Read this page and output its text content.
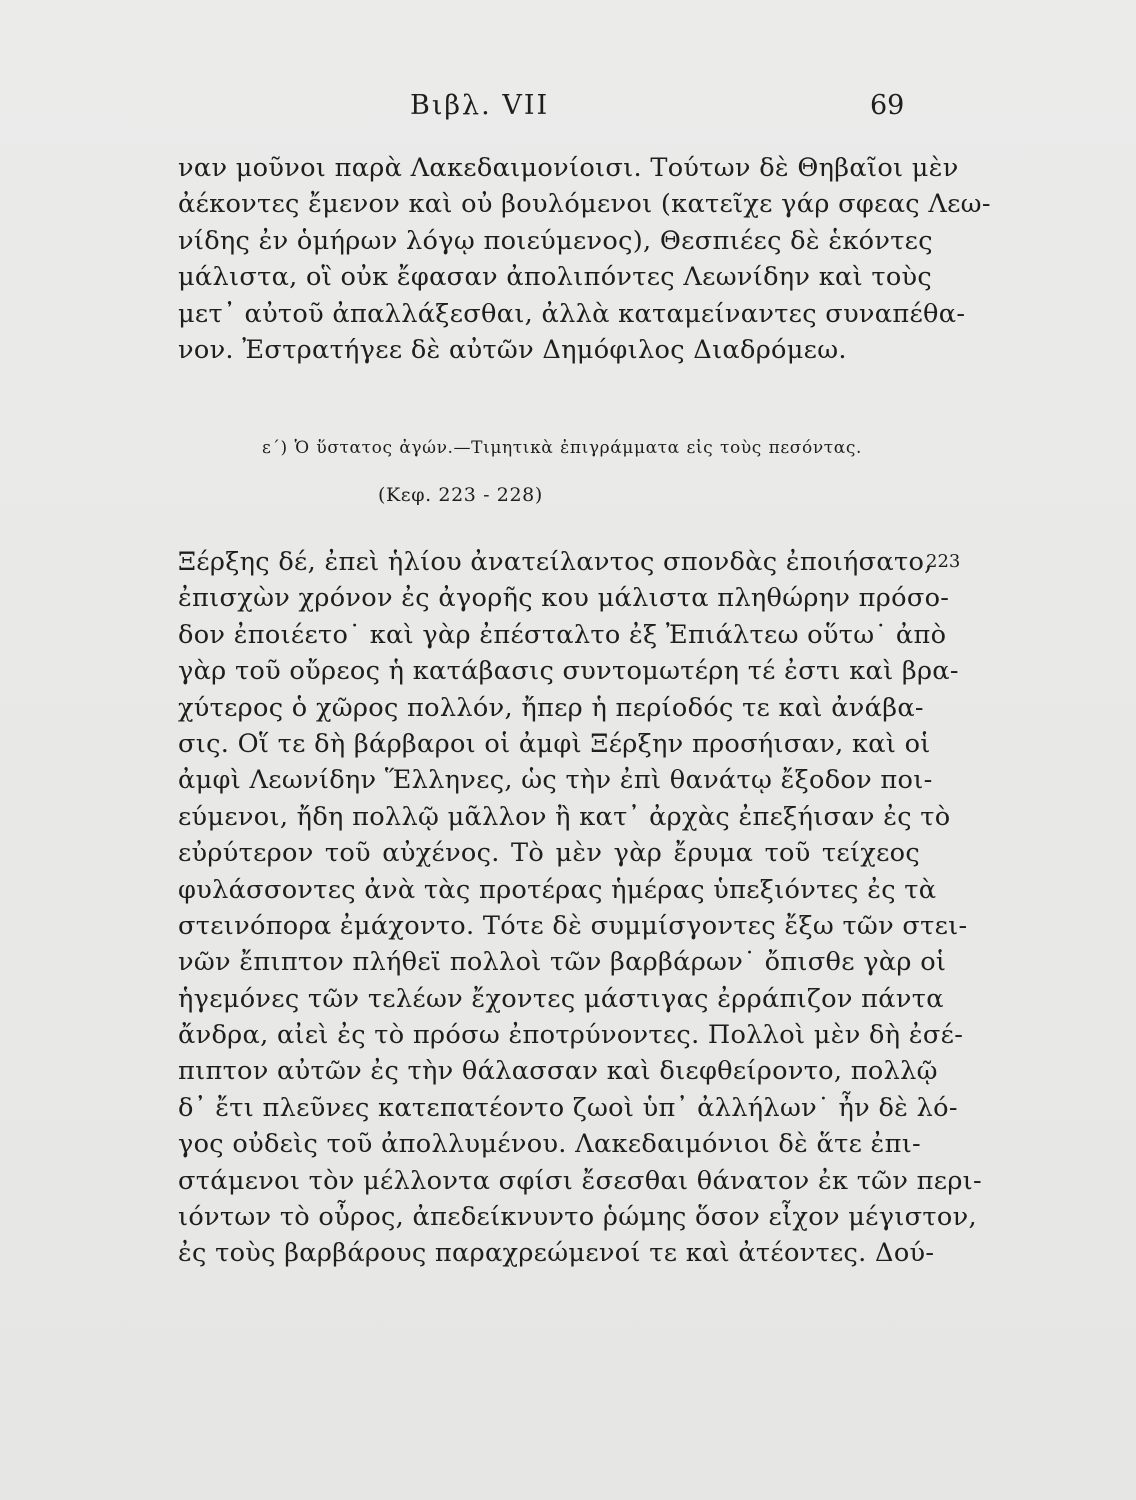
Βιβλ. VII	69
ναν μοῦνοι παρὰ Λακεδαιμονίοισι. Τούτων δὲ Θηβαῖοι μὲν
ἀέκοντες ἔμενον καὶ οὐ βουλόμενοι (κατεῖχε γάρ σφεας Λεω-
νίδης ἐν ὁμήρων λόγῳ ποιεύμενος), Θεσπιέες δὲ ἑκόντες
μάλιστα, οἳ οὐκ ἔφασαν ἀπολιπόντες Λεωνίδην καὶ τοὺς
μετ᾽ αὐτοῦ ἀπαλλάξεσθαι, ἀλλὰ καταμείναντες συναπέθα-
νον. Ἐστρατήγεε δὲ αὐτῶν Δημόφιλος Διαδρόμεω.
ε΄) Ὁ ὕστατος ἀγών.—Τιμητικὰ ἐπιγράμματα εἰς τοὺς πεσόντας.
(Κεφ. 223 - 228)
Ξέρξης δέ, ἐπεὶ ἡλίου ἀνατείλαντος σπονδὰς ἐποιήσατο,
ἐπισχὼν χρόνον ἐς ἀγορῆς κου μάλιστα πληθώρην πρόσο-
δον ἐποιέετο˙ καὶ γὰρ ἐπέσταλτο ἐξ Ἐπιάλτεω οὕτω˙ ἀπὸ
γὰρ τοῦ οὔρεος ἡ κατάβασις συντομωτέρη τέ ἐστι καὶ βρα-
χύτερος ὁ χῶρος πολλόν, ἤπερ ἡ περίοδός τε καὶ ἀνάβα-
σις. Οἵ τε δὴ βάρβαροι οἱ ἀμφὶ Ξέρξην προσήισαν, καὶ οἱ
ἀμφὶ Λεωνίδην Ἕλληνες, ὡς τὴν ἐπὶ θανάτῳ ἔξοδον ποι-
εύμενοι, ἤδη πολλῷ μᾶλλον ἢ κατ᾽ ἀρχὰς ἐπεξήισαν ἐς τὸ
εὐρύτερον τοῦ αὐχένος. Τὸ μὲν γὰρ ἔρυμα τοῦ τείχεος
φυλάσσοντες ἀνὰ τὰς προτέρας ἡμέρας ὑπεξιόντες ἐς τὰ
στεινόπορα ἐμάχοντο. Τότε δὲ συμμίσγοντες ἔξω τῶν στει-
νῶν ἔπιπτον πλήθεϊ πολλοὶ τῶν βαρβάρων˙ ὄπισθε γὰρ οἱ
ἡγεμόνες τῶν τελέων ἔχοντες μάστιγας ἐρράπιζον πάντα
ἄνδρα, αἰεὶ ἐς τὸ πρόσω ἐποτρύνοντες. Πολλοὶ μὲν δὴ ἐσέ-
πιπτον αὐτῶν ἐς τὴν θάλασσαν καὶ διεφθείροντο, πολλῷ
δ᾽ ἔτι πλεῦνες κατεπατέοντο ζωοὶ ὑπ᾽ ἀλλήλων˙ ἦν δὲ λό-
γος οὐδεὶς τοῦ ἀπολλυμένου. Λακεδαιμόνιοι δὲ ἅτε ἐπι-
στάμενοι τὸν μέλλοντα σφίσι ἔσεσθαι θάνατον ἐκ τῶν περι-
ιόντων τὸ οὖρος, ἀπεδείκνυντο ῥώμης ὅσον εἶχον μέγιστον,
ἐς τοὺς βαρβάρους παραχρεώμενοί τε καὶ ἀτέοντες. Δού-
223
